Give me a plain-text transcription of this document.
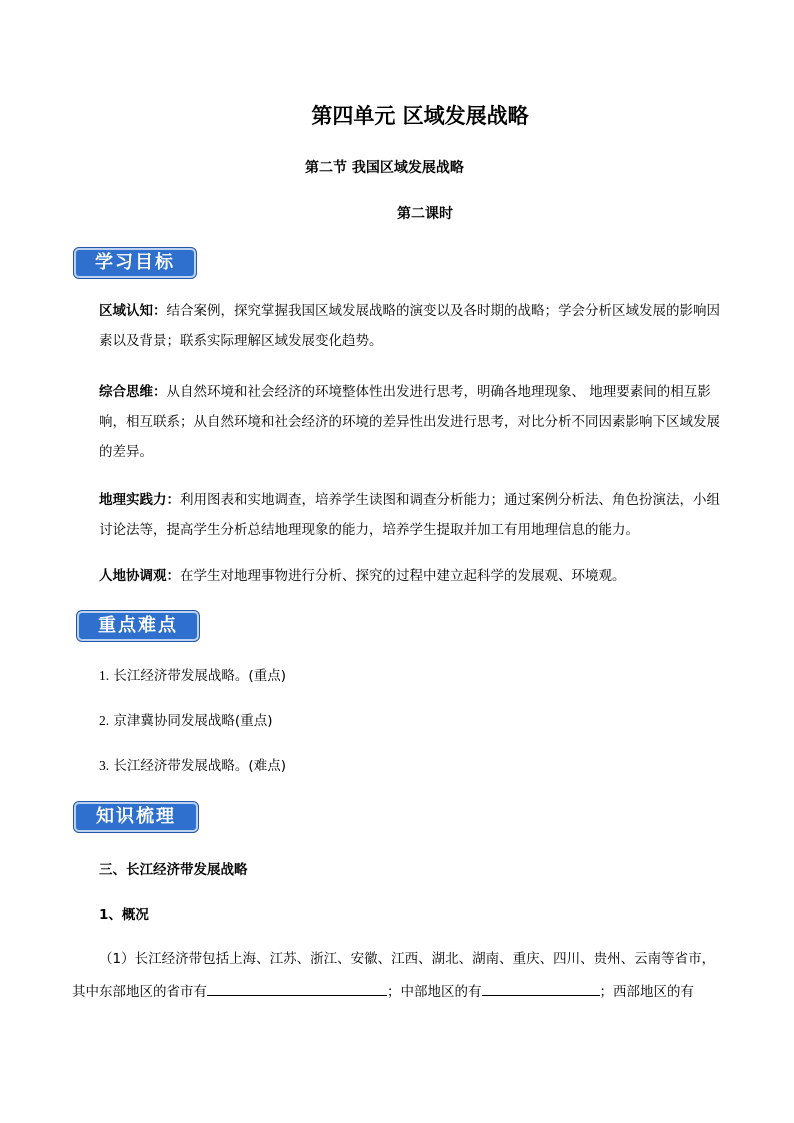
第四单元 区域发展战略
第二节 我国区域发展战略
第二课时
学习目标
区域认知：结合案例，探究掌握我国区域发展战略的演变以及各时期的战略；学会分析区域发展的影响因素以及背景；联系实际理解区域发展变化趋势。
综合思维：从自然环境和社会经济的环境整体性出发进行思考，明确各地理现象、 地理要素间的相互影响，相互联系；从自然环境和社会经济的环境的差异性出发进行思考，对比分析不同因素影响下区域发展的差异。
地理实践力：利用图表和实地调查，培养学生读图和调查分析能力；通过案例分析法、角色扮演法，小组讨论法等，提高学生分析总结地理现象的能力，培养学生提取并加工有用地理信息的能力。
人地协调观：在学生对地理事物进行分析、探究的过程中建立起科学的发展观、环境观。
重点难点
1. 长江经济带发展战略。(重点)
2. 京津冀协同发展战略(重点)
3. 长江经济带发展战略。(难点)
知识梳理
三、长江经济带发展战略
1、概况
（1）长江经济带包括上海、江苏、浙江、安徽、江西、湖北、湖南、重庆、四川、贵州、云南等省市，
其中东部地区的省市有	；中部地区的有	；西部地区的有
